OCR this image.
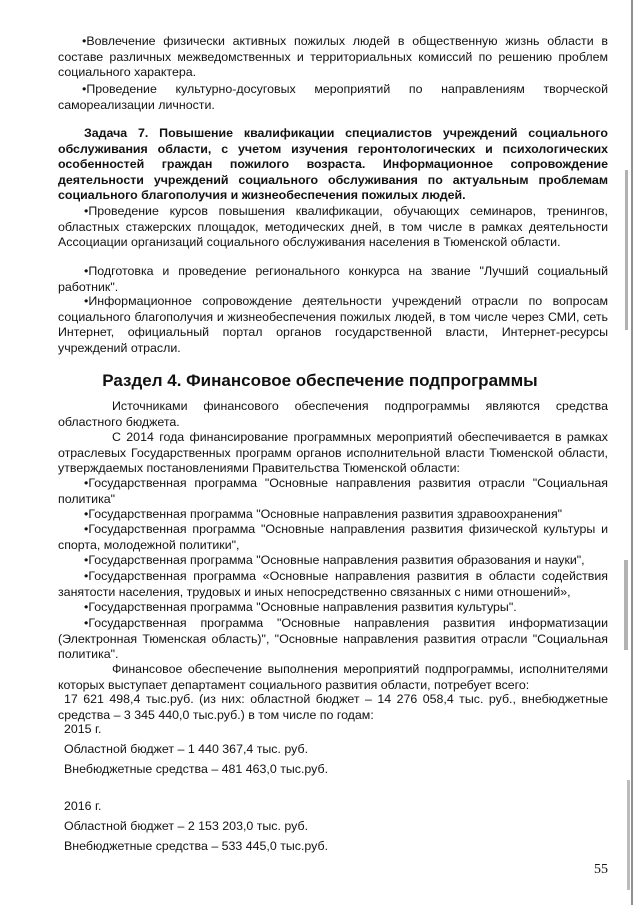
• Вовлечение физически активных пожилых людей в общественную жизнь области в составе различных межведомственных и территориальных комиссий по решению проблем социального характера.
• Проведение культурно-досуговых мероприятий по направлениям творческой самореализации личности.
Задача 7. Повышение квалификации специалистов учреждений социального обслуживания области, с учетом изучения геронтологических и психологических особенностей граждан пожилого возраста. Информационное сопровождение деятельности учреждений социального обслуживания по актуальным проблемам социального благополучия и жизнеобеспечения пожилых людей.
• Проведение курсов повышения квалификации, обучающих семинаров, тренингов, областных стажерских площадок, методических дней, в том числе в рамках деятельности Ассоциации организаций социального обслуживания населения в Тюменской области.
• Подготовка и проведение регионального конкурса на звание "Лучший социальный работник".
• Информационное сопровождение деятельности учреждений отрасли по вопросам социального благополучия и жизнеобеспечения пожилых людей, в том числе через СМИ, сеть Интернет, официальный портал органов государственной власти, Интернет-ресурсы учреждений отрасли.
Раздел 4. Финансовое обеспечение подпрограммы
Источниками финансового обеспечения подпрограммы являются средства областного бюджета.
С 2014 года финансирование программных мероприятий обеспечивается в рамках отраслевых Государственных программ органов исполнительной власти Тюменской области, утверждаемых постановлениями Правительства Тюменской области:
• Государственная программа "Основные направления развития отрасли "Социальная политика"
• Государственная программа "Основные направления развития здравоохранения"
• Государственная программа "Основные направления развития физической культуры и спорта, молодежной политики",
• Государственная программа "Основные направления развития образования и науки",
• Государственная программа «Основные направления развития в области содействия занятости населения, трудовых и иных непосредственно связанных с ними отношений»,
• Государственная программа "Основные направления развития культуры".
• Государственная программа "Основные направления развития информатизации (Электронная Тюменская область)", "Основные направления развития отрасли "Социальная политика".
Финансовое обеспечение выполнения мероприятий подпрограммы, исполнителями которых выступает департамент социального развития области, потребует всего:
17 621 498,4 тыс.руб. (из них: областной бюджет – 14 276 058,4 тыс. руб., внебюджетные средства – 3 345 440,0 тыс.руб.) в том числе по годам:
2015 г.
Областной бюджет – 1 440 367,4 тыс. руб.
Внебюджетные средства – 481 463,0 тыс.руб.
2016 г.
Областной бюджет – 2 153 203,0 тыс. руб.
Внебюджетные средства – 533 445,0 тыс.руб.
55
